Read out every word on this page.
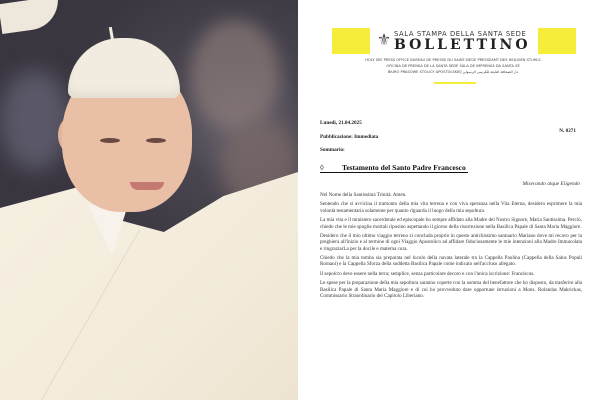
⚜ SALA STAMPA DELLA SANTA SEDE
BOLLETTINO
HOLY SEE PRESS OFFICE BUREAU DE PRESSE DU SAINT-SIÈGE PRESSEAMT DES HEILIGEN STUHLS
OFICINA DE PRENSA DE LA SANTA SEDE SALA DE IMPRENSA DA SANTA SÉ
BIURO PRASOWE STOLICY APOSTOLSKIEJ دار الصحافة التابعة للكرسي الرسولي
Lunedì, 21.04.2025
N. 0271
Pubblicazione: Immediata
Sommario:
◊ Testamento del Santo Padre Francesco
Miserando atque Eligendo

Nel Nome della Santissima Trinità. Amen.

Sentendo che si avvicina il tramonto della mia vita terrena e con viva speranza nella Vita Eterna, desidero esprimere la mia volontà testamentaria solamente per quanto riguarda il luogo della mia sepoltura.

La mia vita e il ministero sacerdotale ed episcopale ho sempre affidato alla Madre del Nostro Signore, Maria Santissima. Perciò, chiedo che le mie spoglie mortali riposino aspettando il giorno della risurrezione nella Basilica Papale di Santa Maria Maggiore.

Desidero che il mio ultimo viaggio terreno si concluda proprio in questo antichissimo santuario Mariano dove mi recavo per la preghiera all'inizio e al termine di ogni Viaggio Apostolico ad affidare fiduciosamente le mie intenzioni alla Madre Immacolata e ringraziarLa per la docile e materna cura.

Chiedo che la mia tomba sia preparata nel loculo della navata laterale tra la Cappella Paolina (Cappella della Salus Populi Romani) e la Cappella Sforza della suddetta Basilica Papale come indicato nell'accluso allegato.

Il sepolcro deve essere nella terra; semplice, senza particolare decoro e con l'unica iscrizione: Franciscus.

Le spese per la preparazione della mia sepoltura saranno coperte con la somma del benefattore che ho disposto, da trasferire alla Basilica Papale di Santa Maria Maggiore e di cui ho provveduto dare opportune istruzioni a Mons. Rolandas Makrickas, Commissario Straordinario del Capitolo Liberiano.
